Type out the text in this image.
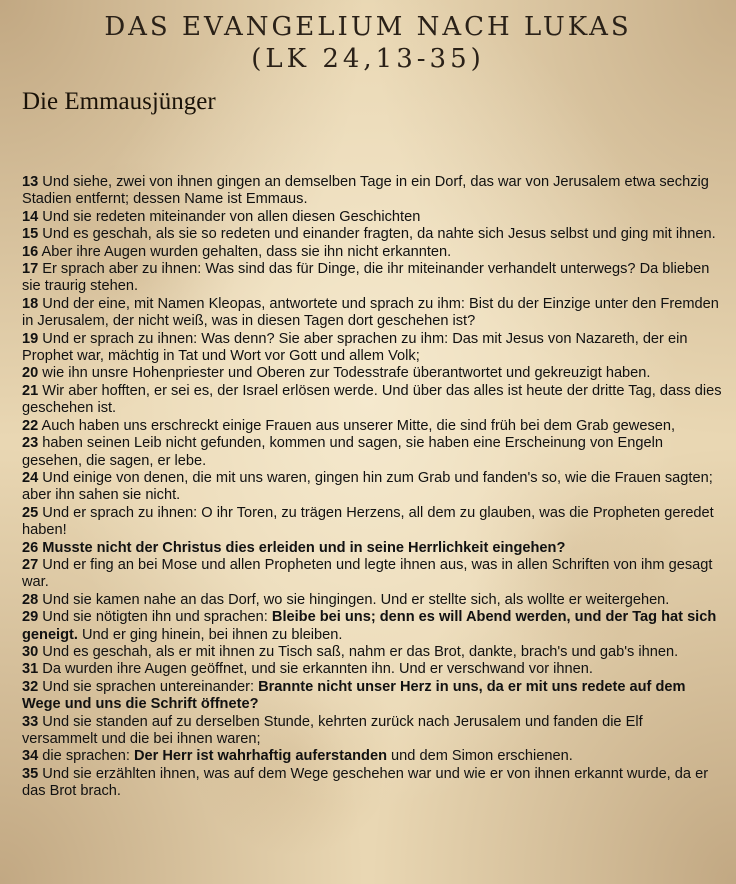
DAS EVANGELIUM NACH LUKAS
(LK 24,13-35)
Die Emmausjünger

13 Und siehe, zwei von ihnen gingen an demselben Tage in ein Dorf, das war von Jerusalem etwa sechzig Stadien entfernt; dessen Name ist Emmaus.

14 Und sie redeten miteinander von allen diesen Geschichten

15 Und es geschah, als sie so redeten und einander fragten, da nahte sich Jesus selbst und ging mit ihnen.

16 Aber ihre Augen wurden gehalten, dass sie ihn nicht erkannten.

17 Er sprach aber zu ihnen: Was sind das für Dinge, die ihr miteinander verhandelt unterwegs? Da blieben sie traurig stehen.

18 Und der eine, mit Namen Kleopas, antwortete und sprach zu ihm: Bist du der Einzige unter den Fremden in Jerusalem, der nicht weiß, was in diesen Tagen dort geschehen ist?

19 Und er sprach zu ihnen: Was denn? Sie aber sprachen zu ihm: Das mit Jesus von Nazareth, der ein Prophet war, mächtig in Tat und Wort vor Gott und allem Volk;

20 wie ihn unsre Hohenpriester und Oberen zur Todesstrafe überantwortet und gekreuzigt haben.

21 Wir aber hofften, er sei es, der Israel erlösen werde. Und über das alles ist heute der dritte Tag, dass dies geschehen ist.

22 Auch haben uns erschreckt einige Frauen aus unserer Mitte, die sind früh bei dem Grab gewesen,

23 haben seinen Leib nicht gefunden, kommen und sagen, sie haben eine Erscheinung von Engeln gesehen, die sagen, er lebe.

24 Und einige von denen, die mit uns waren, gingen hin zum Grab und fanden's so, wie die Frauen sagten; aber ihn sahen sie nicht.

25 Und er sprach zu ihnen: O ihr Toren, zu trägen Herzens, all dem zu glauben, was die Propheten geredet haben!

26 Musste nicht der Christus dies erleiden und in seine Herrlichkeit eingehen?

27 Und er fing an bei Mose und allen Propheten und legte ihnen aus, was in allen Schriften von ihm gesagt war.

28 Und sie kamen nahe an das Dorf, wo sie hingingen. Und er stellte sich, als wollte er weitergehen.

29 Und sie nötigten ihn und sprachen: Bleibe bei uns; denn es will Abend werden, und der Tag hat sich geneigt. Und er ging hinein, bei ihnen zu bleiben.

30 Und es geschah, als er mit ihnen zu Tisch saß, nahm er das Brot, dankte, brach's und gab's ihnen.

31 Da wurden ihre Augen geöffnet, und sie erkannten ihn. Und er verschwand vor ihnen.

32 Und sie sprachen untereinander: Brannte nicht unser Herz in uns, da er mit uns redete auf dem Wege und uns die Schrift öffnete?

33 Und sie standen auf zu derselben Stunde, kehrten zurück nach Jerusalem und fanden die Elf versammelt und die bei ihnen waren;

34 die sprachen: Der Herr ist wahrhaftig auferstanden und dem Simon erschienen.

35 Und sie erzählten ihnen, was auf dem Wege geschehen war und wie er von ihnen erkannt wurde, da er das Brot brach.
